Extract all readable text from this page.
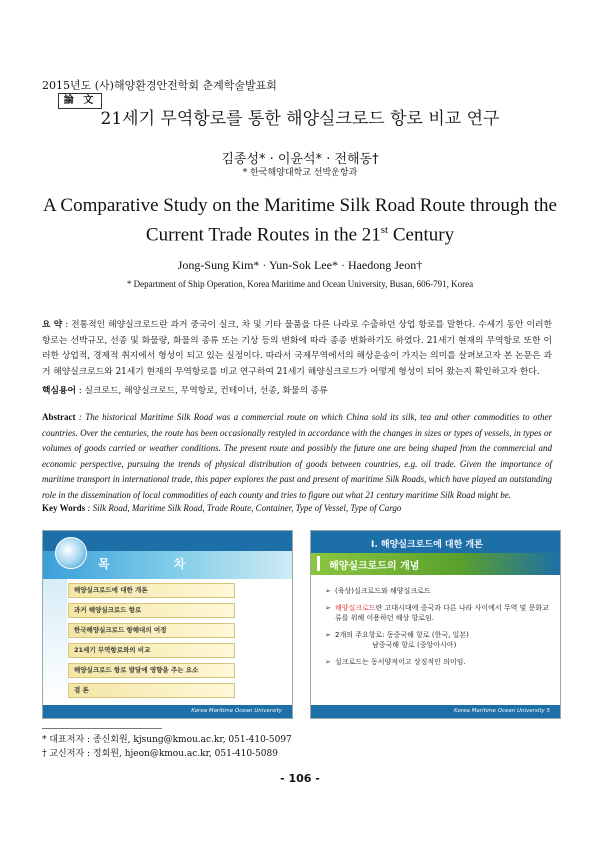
2015년도 (사)해양환경안전학회 춘계학술발표회
論 文
21세기 무역항로를 통한 해양실크로드 항로 비교 연구
김종성* · 이윤석* · 전해동†
* 한국해양대학교 선박운항과
A Comparative Study on the Maritime Silk Road Route through the
Current Trade Routes in the 21st Century
Jong-Sung Kim* · Yun-Sok Lee* · Haedong Jeon†
* Department of Ship Operation, Korea Maritime and Ocean University, Busan, 606-791, Korea
요 약 : 전통적인 해양실크로드란 과거 중국이 실크, 차 및 기타 물품을 다른 나라로 수출하던 상업 항로를 말한다. 수세기 동안 이러한 항로는 선박규모, 선종 및 화물량, 화물의 종류 또는 기상 등의 변화에 따라 종종 변화하기도 하였다. 21세기 현재의 무역항로 또한 이러한 상업적, 경제적 취지에서 형성이 되고 있는 실정이다. 따라서 국제무역에서의 해상운송이 가지는 의미를 살펴보고자 본 논문은 과거 해양실크로드와 21세기 현재의 무역항로를 비교 연구하여 21세기 해양실크로드가 어떻게 형성이 되어 왔는지 확인하고자 한다.
핵심용어 : 실크로드, 해양실크로드, 무역항로, 컨테이너, 선종, 화물의 종류
Abstract : The historical Maritime Silk Road was a commercial route on which China sold its silk, tea and other commodities to other countries. Over the centuries, the route has been occasionally restyled in accordance with the changes in sizes or types of vessels, in types or volumes of goods carried or weather conditions. The present route and possibly the future one are being shaped from the commercial and economic perspective, pursuing the trends of physical distribution of goods between countries, e.g. oil trade. Given the importance of maritime transport in international trade, this paper explores the past and present of maritime Silk Roads, which have played an outstanding role in the dissemination of local commodities of each county and tries to figure out what 21 century maritime Silk Road might be.
Key Words : Silk Road, Maritime Silk Road, Trade Route, Container, Type of Vessel, Type of Cargo
목 차
해양실크로드에 대한 개론
과거 해양실크로드 항로
한국해양실크로드 항해대의 여정
21세기 무역항로와의 비교
해양실크로드 항로 발달에 영향을 주는 요소
결 론
Korea Maritime Ocean University
I. 해양실크로드에 대한 개론
해양실크로드의 개념
➢ (육상)실크로드와 해양실크로드
➢ 해양실크로드란 고대시대에 중국과 다른 나라 사이에서 무역 및 문화교류를 위해 이용하던 해상 항로임.
➢ 2개의 주요항로: 동중국해 항로 (한국, 일본)
남중국해 항로 (중앙아시아)
➢ 실크로드는 동서양적이고 상징적인 의미임.
Korea Maritime Ocean University 5
* 대표저자 : 종신회원, kjsung@kmou.ac.kr, 051-410-5097
† 교신저자 : 정회원, hjeon@kmou.ac.kr, 051-410-5089
- 106 -
